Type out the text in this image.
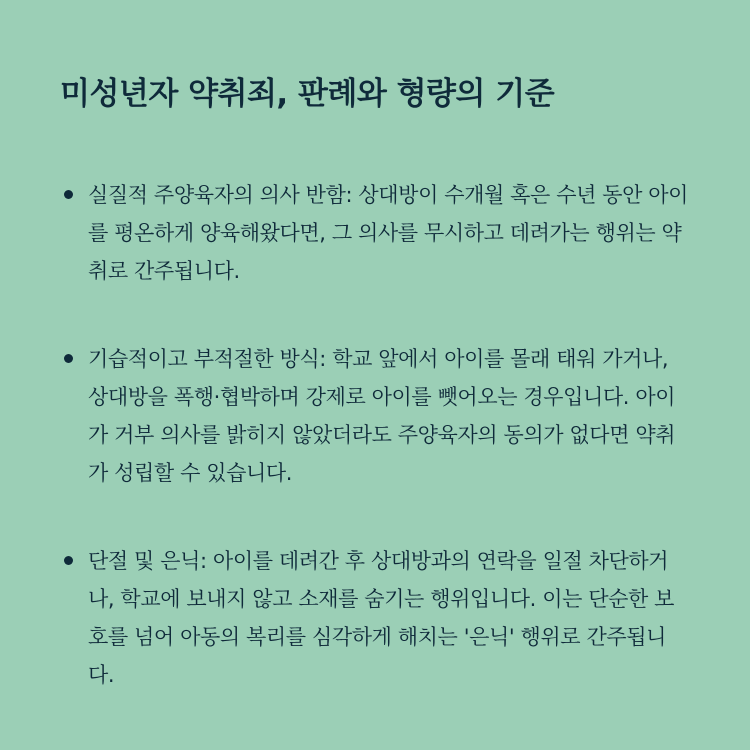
미성년자 약취죄, 판례와 형량의 기준

실질적 주양육자의 의사 반함: 상대방이 수개월 혹은 수년 동안 아이를 평온하게 양육해왔다면, 그 의사를 무시하고 데려가는 행위는 약취로 간주됩니다.

기습적이고 부적절한 방식: 학교 앞에서 아이를 몰래 태워 가거나, 상대방을 폭행·협박하며 강제로 아이를 뺏어오는 경우입니다. 아이가 거부 의사를 밝히지 않았더라도 주양육자의 동의가 없다면 약취가 성립할 수 있습니다.

단절 및 은닉: 아이를 데려간 후 상대방과의 연락을 일절 차단하거나, 학교에 보내지 않고 소재를 숨기는 행위입니다. 이는 단순한 보호를 넘어 아동의 복리를 심각하게 해치는 '은닉' 행위로 간주됩니다.
